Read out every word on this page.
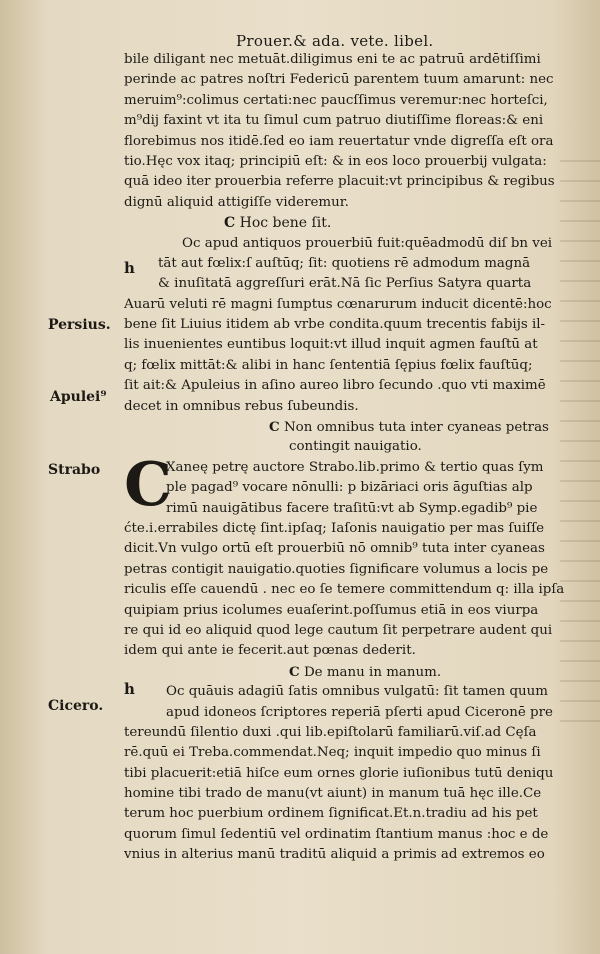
Prouer.& ada. vete. libel.
Persius.
Apulei⁹
Strabo
Cicero.
h
h
C
bile diligant nec metuāt.diligimus eni te ac patruū ardētiſſimi
perinde ac patres noſtri Federicū parentem tuum amarunt: nec
meruim⁹:colimus certati:nec paucſſimus veremur:nec horteſci,
m⁹dij faxint vt ita tu ſimul cum patruo diutiſſime floreas:& eni
florebimus nos itidē.ſed eo iam reuertatur vnde digreſſa eſt ora
tio.Hęc vox itaq; principiū eſt: & in eos loco prouerbij vulgata:
quā ideo iter prouerbia referre placuit:vt principibus & regibus
dignū aliquid attigiſſe videremur.
C Hoc bene ſit.
Oc apud antiquos prouerbiū fuit:quēadmodū diſ bn vei
tāt aut fœlix:ſ auſtūq; ſit: quotiens rē admodum magnā
& inuſitatā aggreſſuri erāt.Nā ſic Perſius Satyra quarta
Auarū veluti rē magni ſumptus cœnarurum inducit dicentē:hoc
bene ſit Liuius itidem ab vrbe condita.quum trecentis fabijs il-
lis inuenientes euntibus loquit:vt illud inquit agmen fauſtū at
q; fœlix mittāt:& alibi in hanc ſententiā ſępius fœlix fauſtūq;
ſit ait:& Apuleius in aſino aureo libro ſecundo .quo vti maximē
decet in omnibus rebus ſubeundis.
C Non omnibus tuta inter cyaneas petras
contingit nauigatio.
Xaneę petrę auctore Strabo.lib.primo & tertio quas ſym
ple pagad⁹ vocare nōnulli: p bizāriaci oris āguſtias alp
rimū nauigātibus facere traſitū:vt ab Symp.egadib⁹ pie
ćte.i.errabiles dictę ſint.ipſaq; Iaſonis nauigatio per mas ſuiſſe
dicit.Vn vulgo ortū eſt prouerbiū nō omnib⁹ tuta inter cyaneas
petras contigit nauigatio.quoties ſignificare volumus a locis pe
riculis eſſe cauendū . nec eo ſe temere committendum q: illa ipſa
quipiam prius icolumes euaſerint.poſſumus etiā in eos viurpa
re qui id eo aliquid quod lege cautum ſit perpetrare audent qui
idem qui ante ie fecerit.aut pœnas dederit.
C De manu in manum.
Oc quāuis adagiū ſatis omnibus vulgatū: ſit tamen quum
apud idoneos ſcriptores reperiā pſerti apud Ciceronē pre
tereundū ſilentio duxi .qui lib.epiſtolarū familiarū.viſ.ad Cęſa
rē.quū ei Treba.commendat.Neq; inquit impedio quo minus ſi
tibi placuerit:etiā hiſce eum ornes glorie iuſionibus tutū deniqu
homine tibi trado de manu(vt aiunt) in manum tuā hęc ille.Ce
terum hoc puerbium ordinem ſignificat.Et.n.tradiu ad his pet
quorum ſimul ſedentiū vel ordinatim ſtantium manus :hoc e de
vnius in alterius manū traditū aliquid a primis ad extremos eo
